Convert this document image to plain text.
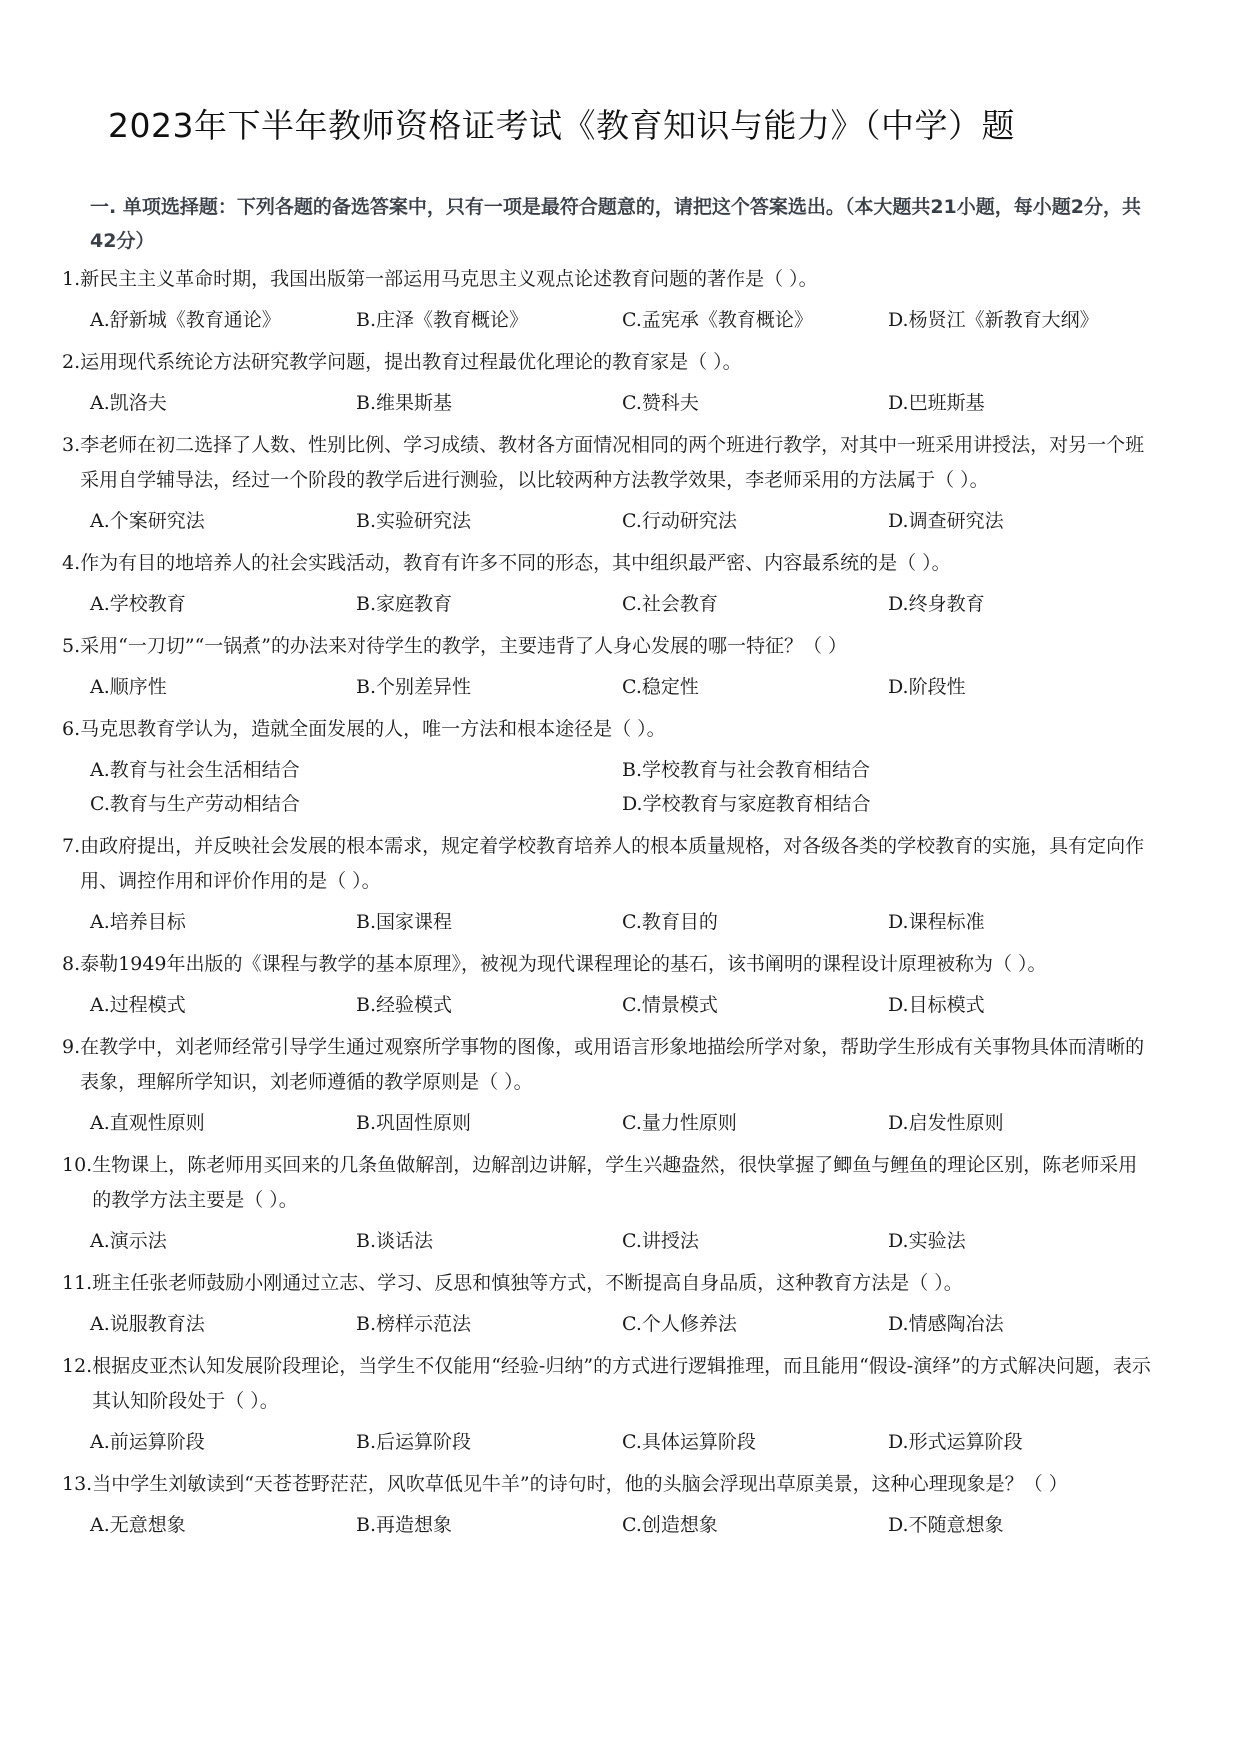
2023年下半年教师资格证考试《教育知识与能力》（中学）题
一. 单项选择题：下列各题的备选答案中，只有一项是最符合题意的，请把这个答案选出。（本大题共21小题，每小题2分，共42分）
1. 新民主主义革命时期，我国出版第一部运用马克思主义观点论述教育问题的著作是（ ）。
A.舒新城《教育通论》	B.庄泽《教育概论》	C.孟宪承《教育概论》	D.杨贤江《新教育大纲》
2. 运用现代系统论方法研究教学问题，提出教育过程最优化理论的教育家是（ ）。
A.凯洛夫	B.维果斯基	C.赞科夫	D.巴班斯基
3. 李老师在初二选择了人数、性别比例、学习成绩、教材各方面情况相同的两个班进行教学，对其中一班采用讲授法，对另一个班采用自学辅导法，经过一个阶段的教学后进行测验，以比较两种方法教学效果，李老师采用的方法属于（ ）。
A.个案研究法	B.实验研究法	C.行动研究法	D.调查研究法
4. 作为有目的地培养人的社会实践活动，教育有许多不同的形态，其中组织最严密、内容最系统的是（ ）。
A.学校教育	B.家庭教育	C.社会教育	D.终身教育
5. 采用“一刀切”“一锅煮”的办法来对待学生的教学，主要违背了人身心发展的哪一特征？（ ）
A.顺序性	B.个别差异性	C.稳定性	D.阶段性
6. 马克思教育学认为，造就全面发展的人，唯一方法和根本途径是（ ）。
A.教育与社会生活相结合	B.学校教育与社会教育相结合
C.教育与生产劳动相结合	D.学校教育与家庭教育相结合
7. 由政府提出，并反映社会发展的根本需求，规定着学校教育培养人的根本质量规格，对各级各类的学校教育的实施，具有定向作用、调控作用和评价作用的是（ ）。
A.培养目标	B.国家课程	C.教育目的	D.课程标准
8. 泰勒1949年出版的《课程与教学的基本原理》，被视为现代课程理论的基石，该书阐明的课程设计原理被称为（ ）。
A.过程模式	B.经验模式	C.情景模式	D.目标模式
9. 在教学中，刘老师经常引导学生通过观察所学事物的图像，或用语言形象地描绘所学对象，帮助学生形成有关事物具体而清晰的表象，理解所学知识，刘老师遵循的教学原则是（ ）。
A.直观性原则	B.巩固性原则	C.量力性原则	D.启发性原则
10. 生物课上，陈老师用买回来的几条鱼做解剖，边解剖边讲解，学生兴趣盎然，很快掌握了鲫鱼与鲤鱼的理论区别，陈老师采用的教学方法主要是（ ）。
A.演示法	B.谈话法	C.讲授法	D.实验法
11. 班主任张老师鼓励小刚通过立志、学习、反思和慎独等方式，不断提高自身品质，这种教育方法是（ ）。
A.说服教育法	B.榜样示范法	C.个人修养法	D.情感陶冶法
12. 根据皮亚杰认知发展阶段理论，当学生不仅能用“经验-归纳”的方式进行逻辑推理，而且能用“假设-演绎”的方式解决问题，表示其认知阶段处于（ ）。
A.前运算阶段	B.后运算阶段	C.具体运算阶段	D.形式运算阶段
13. 当中学生刘敏读到“天苍苍野茫茫，风吹草低见牛羊”的诗句时，他的头脑会浮现出草原美景，这种心理现象是？（ ）
A.无意想象	B.再造想象	C.创造想象	D.不随意想象
